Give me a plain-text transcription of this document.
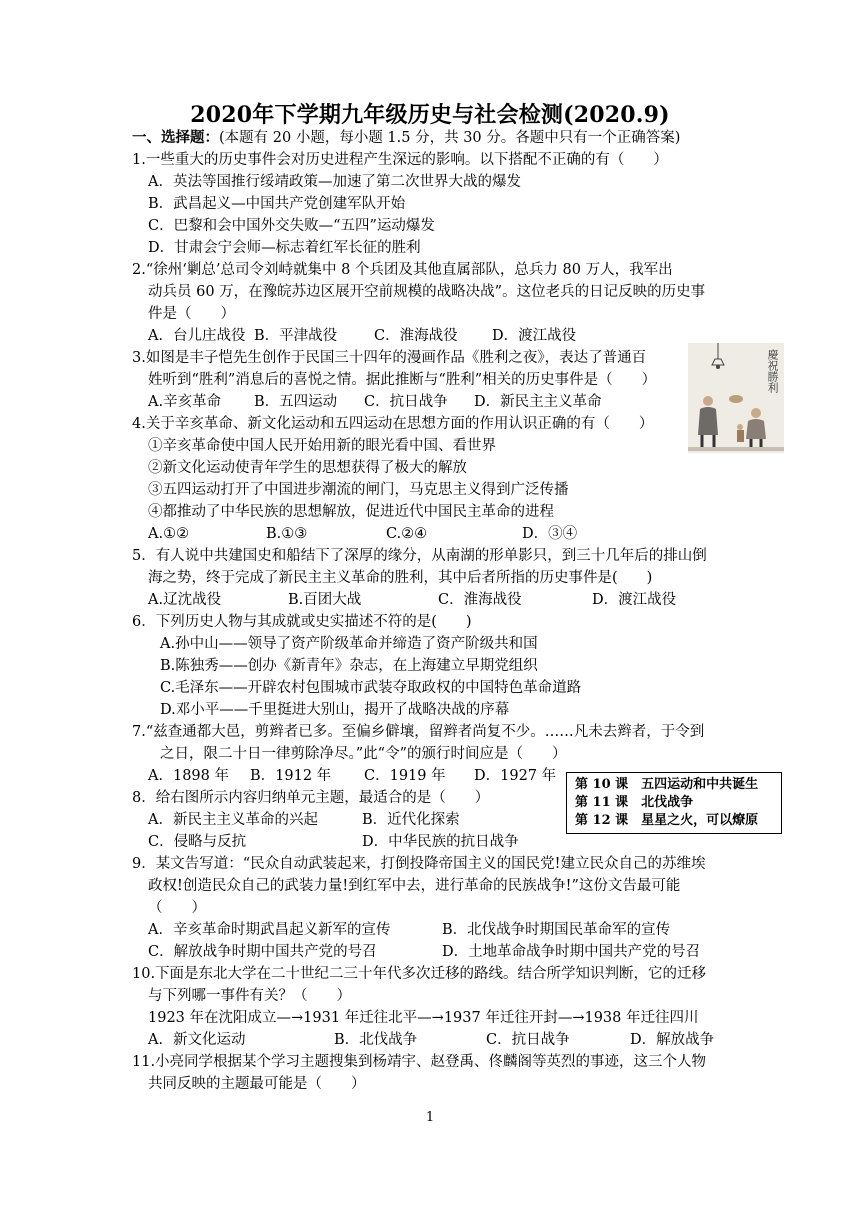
2020年下学期九年级历史与社会检测(2020.9)
一、选择题：(本题有 20 小题，每小题 1.5 分，共 30 分。各题中只有一个正确答案)
1.一些重大的历史事件会对历史进程产生深远的影响。以下搭配不正确的有（　　）
A．英法等国推行绥靖政策—加速了第二次世界大战的爆发
B．武昌起义—中国共产党创建军队开始
C．巴黎和会中国外交失败—“五四”运动爆发
D．甘肃会宁会师—标志着红军长征的胜利
2.“徐州‘剿总’总司令刘峙就集中 8 个兵团及其他直属部队，总兵力 80 万人，我军出
动兵员 60 万，在豫皖苏边区展开空前规模的战略决战”。这位老兵的日记反映的历史事
件是（　　）
A．台儿庄战役 B．平津战役	C．淮海战役 D．渡江战役
3.如图是丰子恺先生创作于民国三十四年的漫画作品《胜利之夜》，表达了普通百
姓听到“胜利”消息后的喜悦之情。据此推断与“胜利”相关的历史事件是（　　）
A.辛亥革命 B．五四运动 C．抗日战争 D．新民主主义革命
慶祝勝利
4.关于辛亥革命、新文化运动和五四运动在思想方面的作用认识正确的有（　　）
①辛亥革命使中国人民开始用新的眼光看中国、看世界
②新文化运动使青年学生的思想获得了极大的解放
③五四运动打开了中国进步潮流的闸门，马克思主义得到广泛传播
④都推动了中华民族的思想解放，促进近代中国民主革命的进程
A.①②	B.①③	C.②④	D．③④
5．有人说中共建国史和船结下了深厚的缘分，从南湖的形单影只，到三十几年后的排山倒
海之势，终于完成了新民主主义革命的胜利，其中后者所指的历史事件是(　　)
A.辽沈战役	B.百团大战	C．淮海战役	D．渡江战役
6．下列历史人物与其成就或史实描述不符的是(　　)
A.孙中山——领导了资产阶级革命并缔造了资产阶级共和国
B.陈独秀——创办《新青年》杂志，在上海建立早期党组织
C.毛泽东——开辟农村包围城市武装夺取政权的中国特色革命道路
D.邓小平——千里挺进大别山，揭开了战略决战的序幕
7.“兹查通都大邑，剪辫者已多。至偏乡僻壤，留辫者尚复不少。……凡未去辫者，于令到
之日，限二十日一律剪除净尽。”此“令”的颁行时间应是（　　）
A．1898 年 B．1912 年 C．1919 年 D．1927 年
8．给右图所示内容归纳单元主题，最适合的是（　　）
A．新民主主义革命的兴起	B．近代化探索
C．侵略与反抗	D．中华民族的抗日战争
第 10 课　五四运动和中共诞生
第 11 课　北伐战争
第 12 课　星星之火，可以燎原
9．某文告写道：“民众自动武装起来，打倒投降帝国主义的国民党!建立民众自己的苏维埃
政权!创造民众自己的武装力量!到红军中去，进行革命的民族战争!”这份文告最可能
（　　）
A．辛亥革命时期武昌起义新军的宣传	B．北伐战争时期国民革命军的宣传
C．解放战争时期中国共产党的号召	D．土地革命战争时期中国共产党的号召
10.下面是东北大学在二十世纪二三十年代多次迁移的路线。结合所学知识判断，它的迁移
与下列哪一事件有关？（　　）
1923 年在沈阳成立—→1931 年迁往北平—→1937 年迁往开封—→1938 年迁往四川
A．新文化运动	B．北伐战争	C．抗日战争	D．解放战争
11.小亮同学根据某个学习主题搜集到杨靖宇、赵登禹、佟麟阁等英烈的事迹，这三个人物
共同反映的主题最可能是（　　）
1
